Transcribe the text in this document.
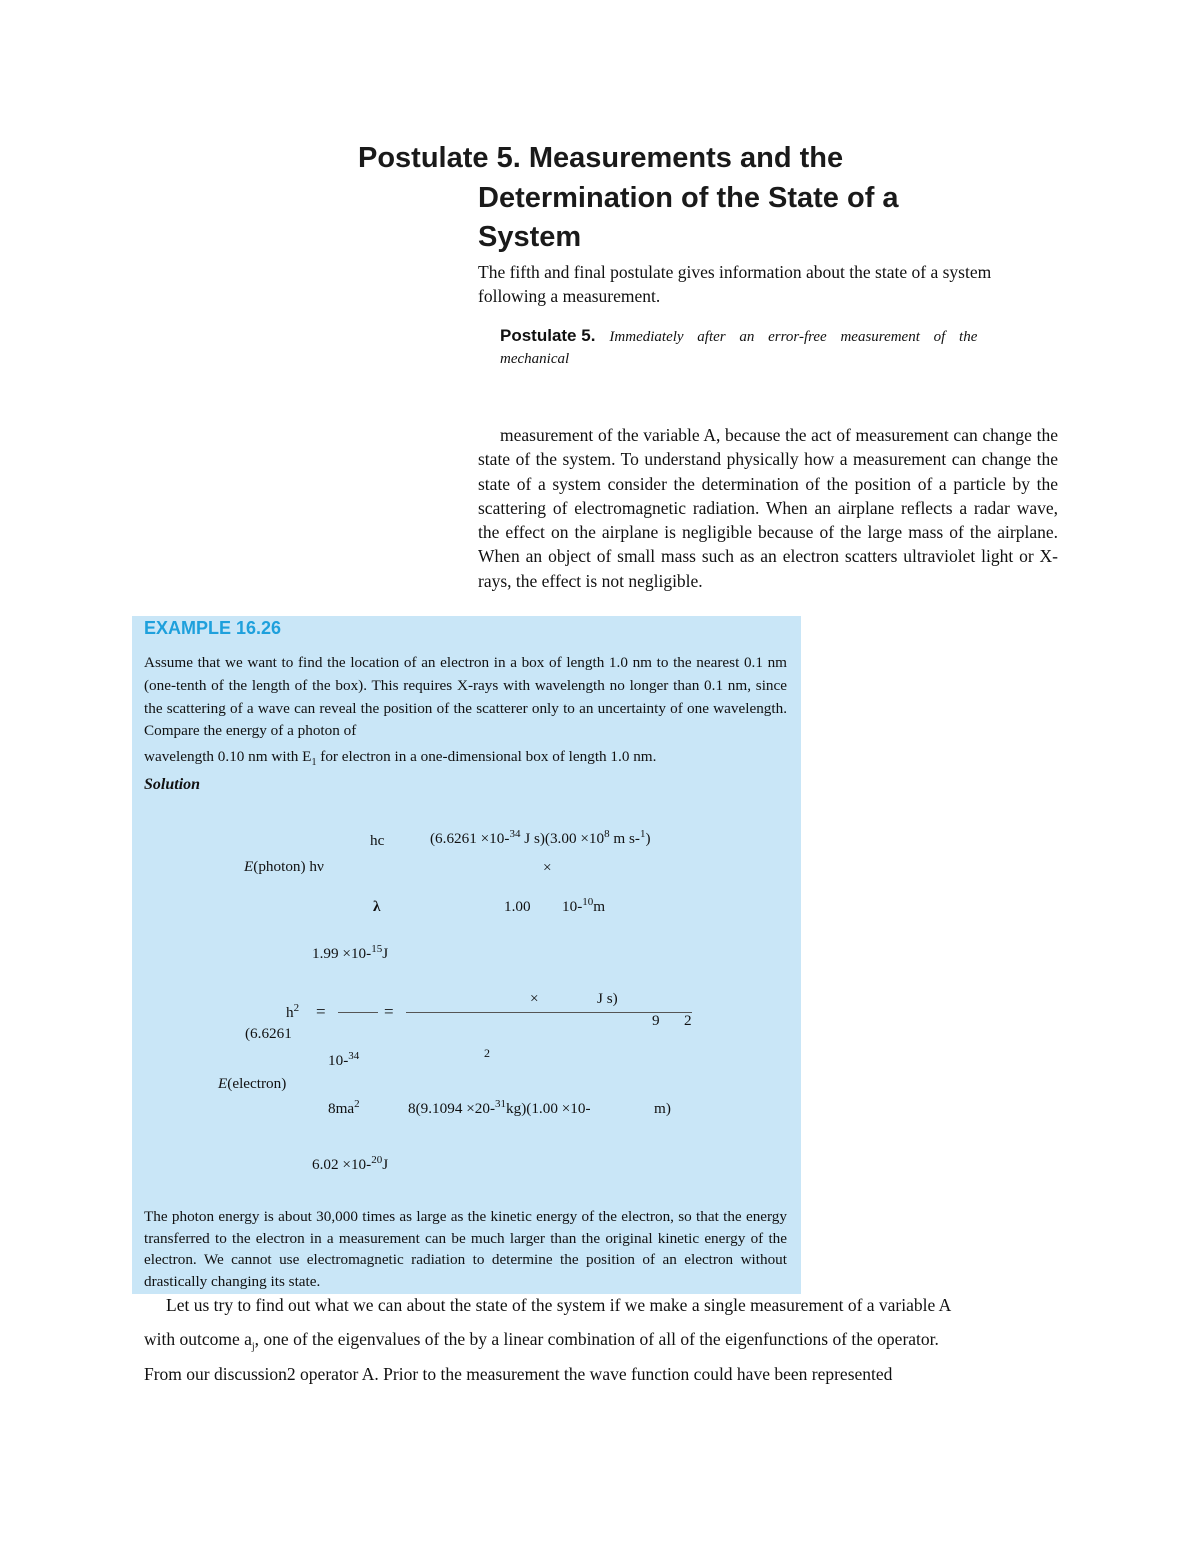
Postulate 5. Measurements and the
Determination of the State of a
System
The fifth and final postulate gives information about the state of a system
following a measurement.
Postulate 5. Immediately after an error-free measurement of the
mechanical
measurement of the variable A, because the act of measurement can change the state of the system. To understand physically how a measurement can change the state of a system consider the determination of the position of a particle by the scattering of electromagnetic radiation. When an airplane reflects a radar wave, the effect on the airplane is negligible because of the large mass of the airplane. When an object of small mass such as an electron scatters ultraviolet light or X-rays, the effect is not negligible.
EXAMPLE 16.26
Assume that we want to find the location of an electron in a box of length 1.0 nm to the nearest 0.1 nm (one-tenth of the length of the box). This requires X-rays with wavelength no longer than 0.1 nm, since the scattering of a wave can reveal the position of the scatterer only to an uncertainty of one wavelength. Compare the energy of a photon of
wavelength 0.10 nm with $E_1$ for electron in a one-dimensional box of length 1.0 nm.
Solution
hc	(6.6261 ×10-$^{34}$ J $s)(3.00 \times 10^8$ m s-$^1$)
E(photon) hν	×
λ	1.00 10-$^{10}$m
1.99 ×10-$^{15}$J
$h^2$ =	=
×	J s)
9 2
(6.6261
10-$^{34}$	2
E(electron)
$8ma^2$	8(9.1094 ×20-$^{31}$kg)(1.00 ×10-	m)
6.02 ×10-$^{20}$J
The photon energy is about 30,000 times as large as the kinetic energy of the electron, so that the energy transferred to the electron in a measurement can be much larger than the original kinetic energy of the electron. We cannot use electromagnetic radiation to determine the position of an electron without drastically changing its state.
Let us try to find out what we can about the state of the system if we make a single measurement of a variable A
with outcome $a_j$, one of the eigenvalues of the by a linear combination of all of the eigenfunctions of the operator.
From our discussion2 operator A. Prior to the measurement the wave function could have been represented
